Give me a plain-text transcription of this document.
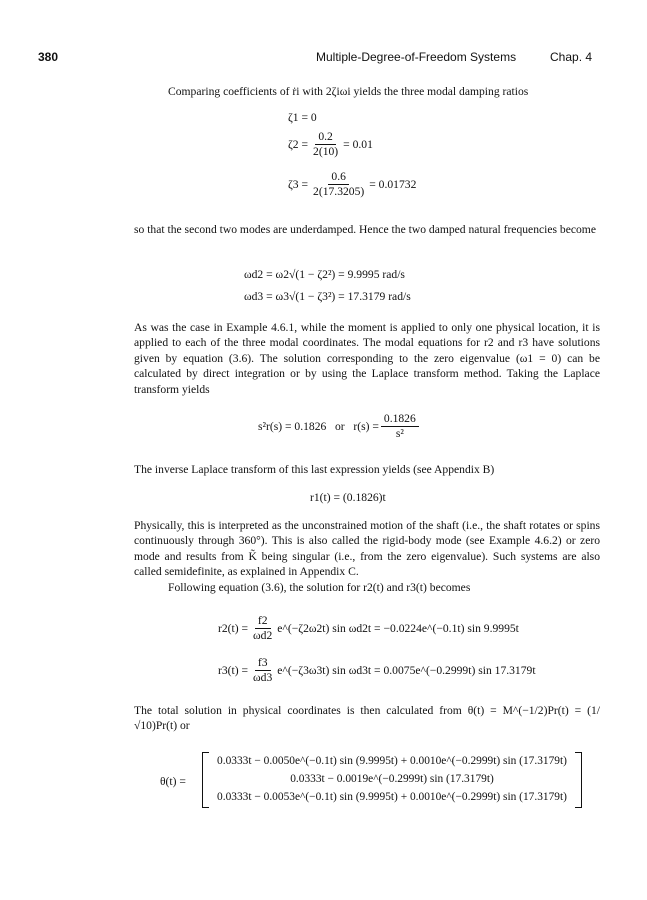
380	Multiple-Degree-of-Freedom Systems	Chap. 4
Comparing coefficients of ṙi with 2ζiωi yields the three modal damping ratios
ζ1 = 0
$\zeta 2 = \frac{0.2}{2(10)} = 0.01$
$\zeta 3 = \frac{0.6}{2(17.3205)} = 0.01732$
so that the second two modes are underdamped. Hence the two damped natural frequencies become
ωd2 = ω2√(1 − ζ2²) = 9.9995 rad/s
ωd3 = ω3√(1 − ζ3²) = 17.3179 rad/s
As was the case in Example 4.6.1, while the moment is applied to only one physical location, it is applied to each of the three modal coordinates. The modal equations for r2 and r3 have solutions given by equation (3.6). The solution corresponding to the zero eigenvalue (ω1 = 0) can be calculated by direct integration or by using the Laplace transform method. Taking the Laplace transform yields
s²r(s) = 0.1826   or   $r(s) = \frac{0.1826}{\text{s²}}$
The inverse Laplace transform of this last expression yields (see Appendix B)
r1(t) = (0.1826)t
Physically, this is interpreted as the unconstrained motion of the shaft (i.e., the shaft rotates or spins continuously through 360°). This is also called the rigid-body mode (see Example 4.6.2) or zero mode and results from K̃ being singular (i.e., from the zero eigenvalue). Such systems are also called semidefinite, as explained in Appendix C.
Following equation (3.6), the solution for r2(t) and r3(t) becomes
$r2(t) = \frac{f2}{\omega d2}$ e^(−ζ2ω2t) sin ωd2t = −0.0224e^(−0.1t) sin 9.9995t
$r3(t) = \frac{f3}{\omega d3}$ e^(−ζ3ω3t) sin ωd3t = 0.0075e^(−0.2999t) sin 17.3179t
The total solution in physical coordinates is then calculated from θ(t) = M^(−1/2)Pr(t) = (1/√10)Pr(t) or
θ(t) =
0.0333t − 0.0050e^(−0.1t) sin (9.9995t) + 0.0010e^(−0.2999t) sin (17.3179t)
0.0333t − 0.0019e^(−0.2999t) sin (17.3179t)
0.0333t − 0.0053e^(−0.1t) sin (9.9995t) + 0.0010e^(−0.2999t) sin (17.3179t)
